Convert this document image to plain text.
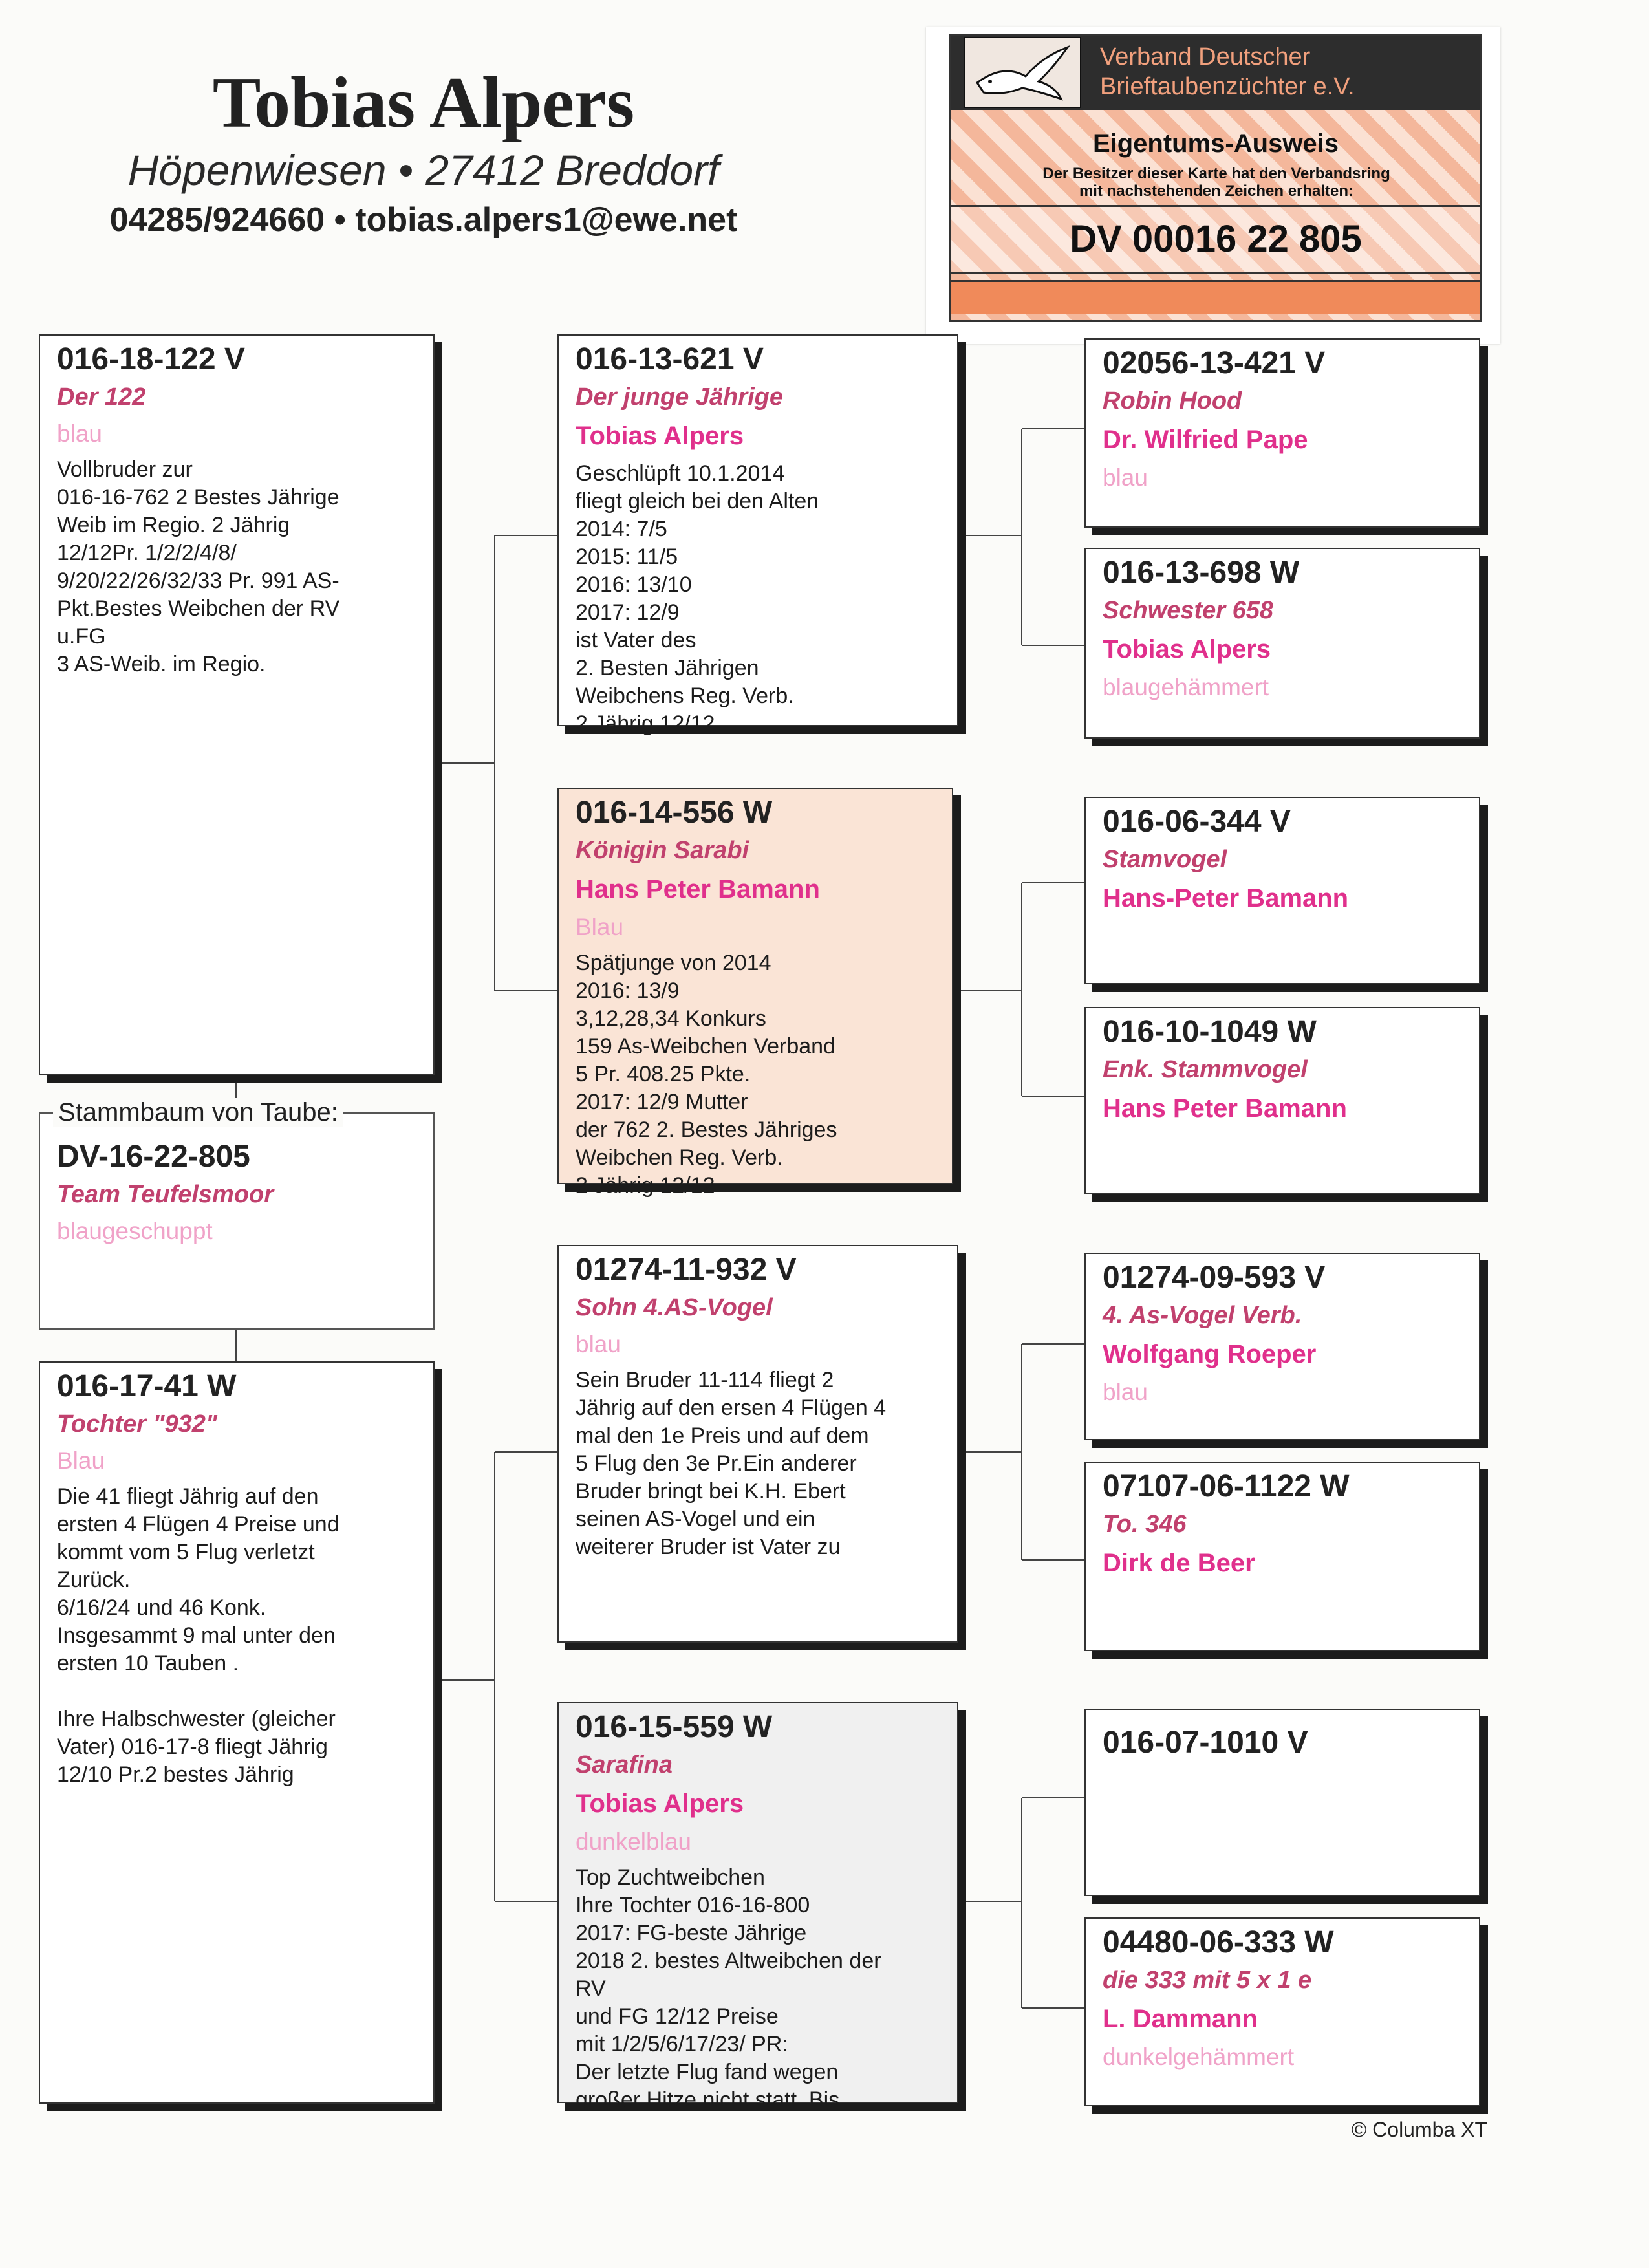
Tobias Alpers
Höpenwiesen • 27412 Breddorf
04285/924660 • tobias.alpers1@ewe.net
Verband Deutscher
Brieftaubenzüchter e.V.
Eigentums-Ausweis
Der Besitzer dieser Karte hat den Verbandsring
mit nachstehenden Zeichen erhalten:
DV 00016 22 805
016-18-122 V
Der 122
blau
Vollbruder zur
016-16-762 2 Bestes Jährige
Weib im Regio. 2 Jährig
12/12Pr. 1/2/2/4/8/
9/20/22/26/32/33 Pr. 991 AS-
Pkt.Bestes Weibchen der RV
u.FG
3 AS-Weib. im Regio.
DV-16-22-805
Team Teufelsmoor
blaugeschuppt
Stammbaum von Taube:
016-17-41 W
Tochter "932"
Blau
Die 41 fliegt Jährig auf den
ersten 4 Flügen 4 Preise und
kommt vom 5 Flug verletzt
Zurück.
6/16/24 und 46 Konk.
Insgesammt 9 mal unter den
ersten 10 Tauben .
Ihre Halbschwester (gleicher
Vater) 016-17-8 fliegt Jährig
12/10 Pr.2 bestes Jährig
016-13-621 V
Der junge Jährige
Tobias Alpers
Geschlüpft 10.1.2014
fliegt gleich bei den Alten
2014: 7/5
2015: 11/5
2016: 13/10
2017: 12/9
ist Vater des
2. Besten Jährigen
Weibchens Reg. Verb.
2 Jährig 12/12
016-14-556 W
Königin Sarabi
Hans Peter Bamann
Blau
Spätjunge von 2014
2016: 13/9
3,12,28,34 Konkurs
159 As-Weibchen Verband
5 Pr. 408.25 Pkte.
2017: 12/9 Mutter
der 762 2. Bestes Jähriges
Weibchen Reg. Verb.
2 Jährig 12/12
01274-11-932 V
Sohn 4.AS-Vogel
blau
Sein Bruder 11-114 fliegt 2
Jährig auf den ersen 4 Flügen 4
mal den 1e Preis und auf dem
5 Flug den 3e Pr.Ein anderer
Bruder bringt bei K.H. Ebert
seinen AS-Vogel und ein
weiterer Bruder ist Vater zu
016-15-559 W
Sarafina
Tobias Alpers
dunkelblau
Top Zuchtweibchen
Ihre Tochter 016-16-800
2017: FG-beste Jährige
2018 2. bestes Altweibchen der
RV
und FG 12/12 Preise
mit 1/2/5/6/17/23/ PR:
Der letzte Flug fand wegen
großer Hitze nicht statt. Bis
02056-13-421 V
Robin Hood
Dr. Wilfried Pape
blau
016-13-698 W
Schwester 658
Tobias Alpers
blaugehämmert
016-06-344 V
Stamvogel
Hans-Peter Bamann
016-10-1049 W
Enk. Stammvogel
Hans Peter Bamann
01274-09-593 V
4. As-Vogel Verb.
Wolfgang Roeper
blau
07107-06-1122 W
To. 346
Dirk de Beer
016-07-1010 V
04480-06-333 W
die 333 mit 5 x 1 e
L. Dammann
dunkelgehämmert
© Columba XT
